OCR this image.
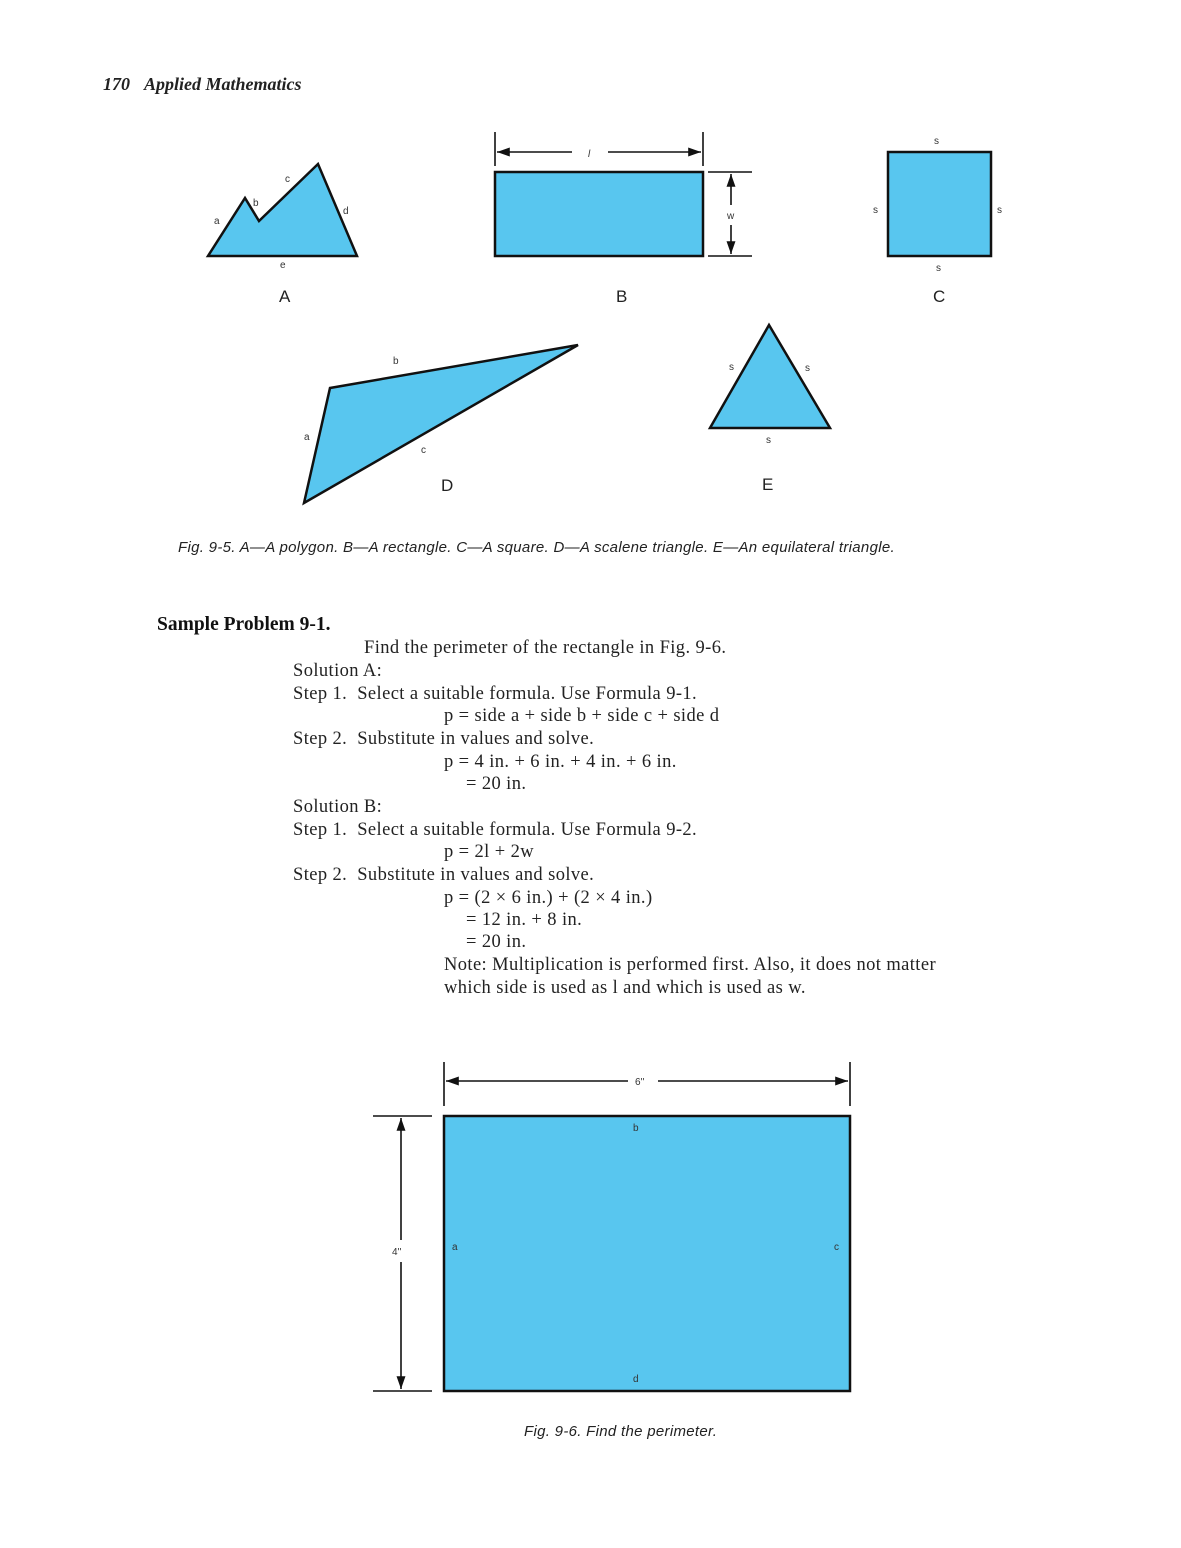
170 Applied Mathematics
a
b
c
d
e
A
l
w
B
s
s	s
s
C
b
a
c
D
s	s
s
E
6''
4''
b
a	c
d
Fig. 9-5. A—A polygon. B—A rectangle. C—A square. D—A scalene triangle. E—An equilateral triangle.
Sample Problem 9-1.
Find the perimeter of the rectangle in Fig. 9-6.
Solution A:
Step 1.  Select a suitable formula. Use Formula 9-1.
p = side a + side b + side c + side d
Step 2.  Substitute in values and solve.
p = 4 in. + 6 in. + 4 in. + 6 in.
= 20 in.
Solution B:
Step 1.  Select a suitable formula. Use Formula 9-2.
p = 2l + 2w
Step 2.  Substitute in values and solve.
p = (2 × 6 in.) + (2 × 4 in.)
= 12 in. + 8 in.
= 20 in.
Note: Multiplication is performed first. Also, it does not matter
which side is used as l and which is used as w.
Fig. 9-6. Find the perimeter.
